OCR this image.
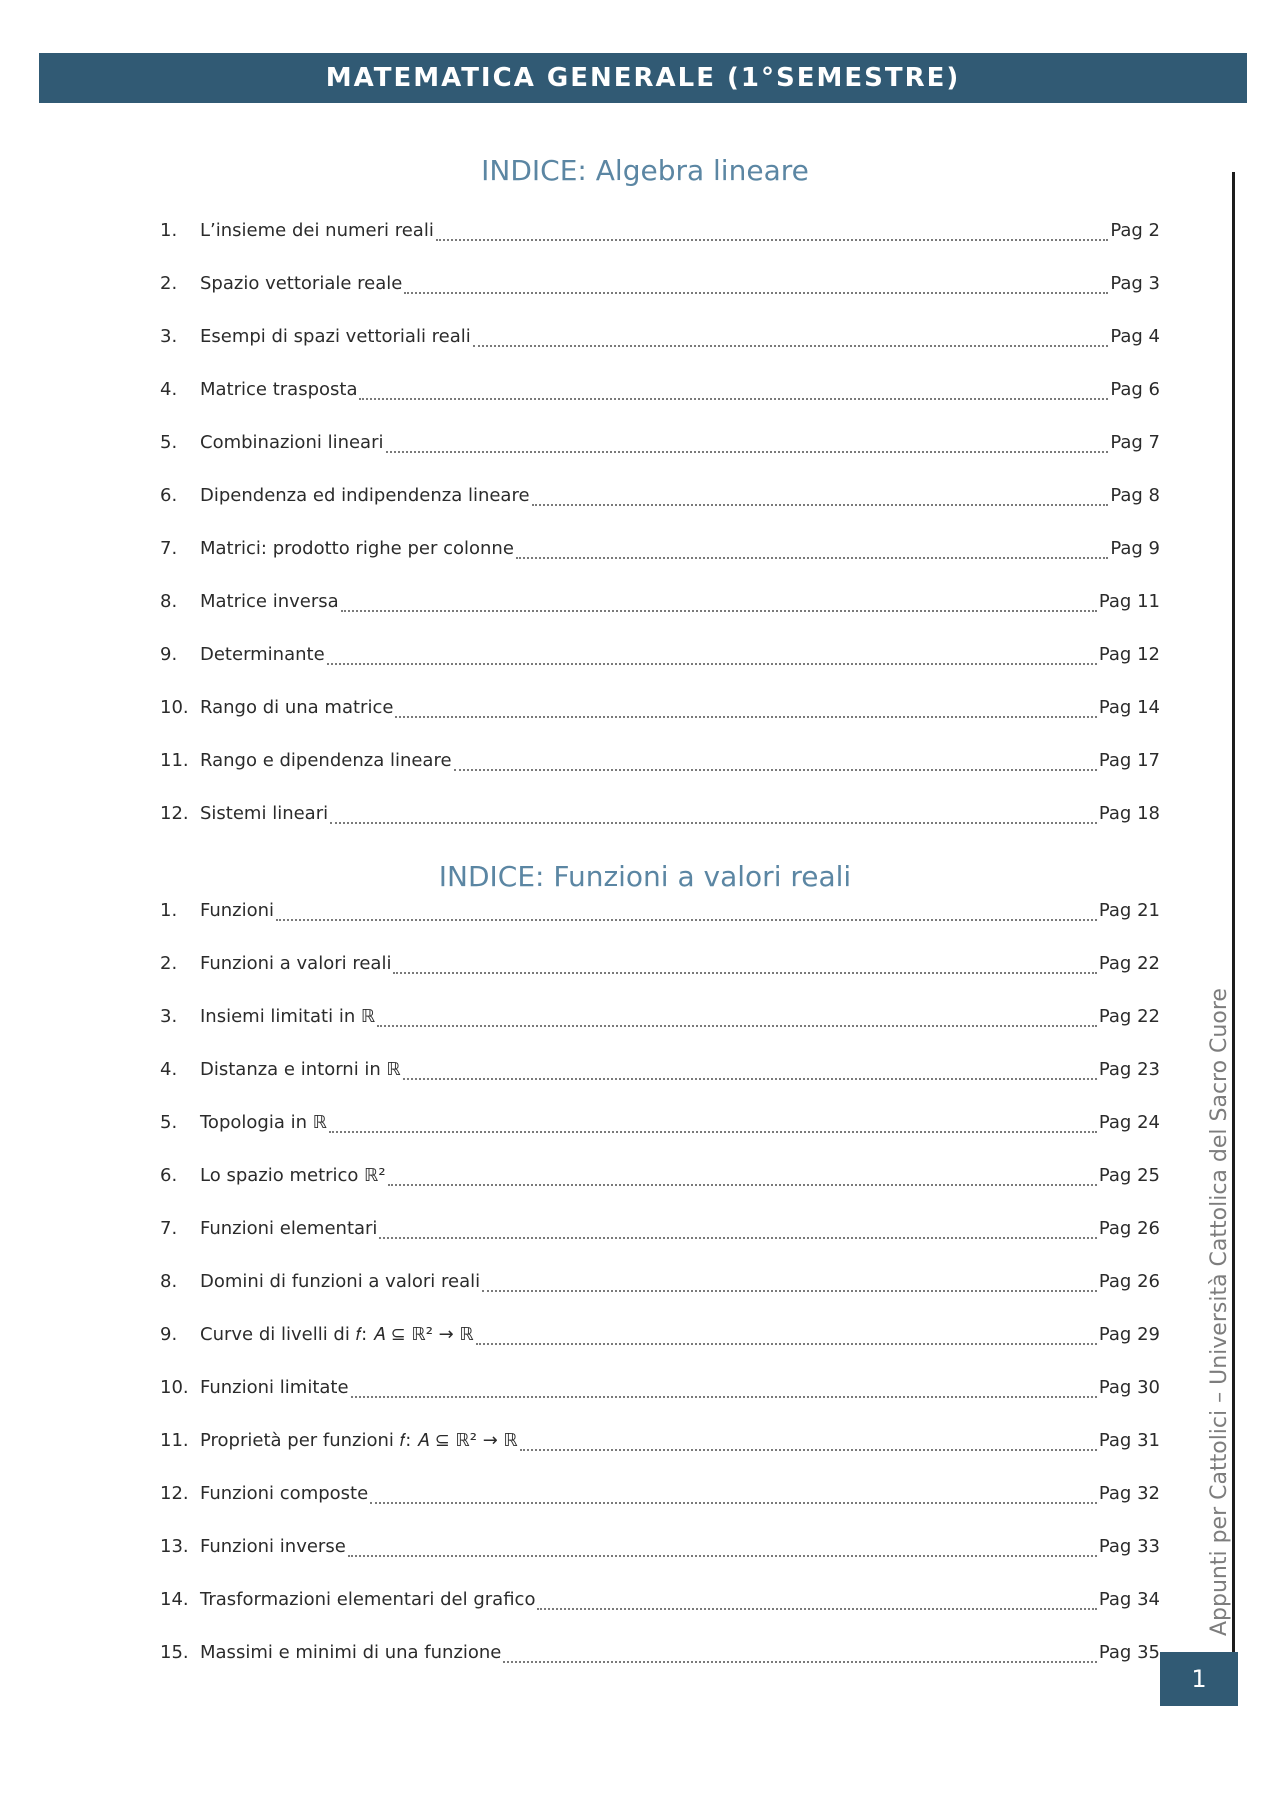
MATEMATICA GENERALE (1°SEMESTRE)
INDICE: Algebra lineare
1.	L’insieme dei numeri reali	Pag 2
2.	Spazio vettoriale reale	Pag 3
3.	Esempi di spazi vettoriali reali	Pag 4
4.	Matrice trasposta	Pag 6
5.	Combinazioni lineari	Pag 7
6.	Dipendenza ed indipendenza lineare	Pag 8
7.	Matrici: prodotto righe per colonne	Pag 9
8.	Matrice inversa	Pag 11
9.	Determinante	Pag 12
10. Rango di una matrice	Pag 14
11. Rango e dipendenza lineare	Pag 17
12. Sistemi lineari	Pag 18
INDICE: Funzioni a valori reali
1.	Funzioni	Pag 21
2.	Funzioni a valori reali	Pag 22
3.	Insiemi limitati in ℝ	Pag 22
4.	Distanza e intorni in ℝ	Pag 23
5.	Topologia in ℝ	Pag 24
6.	Lo spazio metrico ℝ²	Pag 25
7.	Funzioni elementari	Pag 26
8.	Domini di funzioni a valori reali	Pag 26
9.	Curve di livelli di 𝑓: 𝐴 ⊆ ℝ² → ℝ	Pag 29
10. Funzioni limitate	Pag 30
11. Proprietà per funzioni 𝑓: 𝐴 ⊆ ℝ² → ℝ	Pag 31
12. Funzioni composte	Pag 32
13. Funzioni inverse	Pag 33
14. Trasformazioni elementari del grafico	Pag 34
15. Massimi e minimi di una funzione	Pag 35
Appunti per Cattolici – Università Cattolica del Sacro Cuore
1
